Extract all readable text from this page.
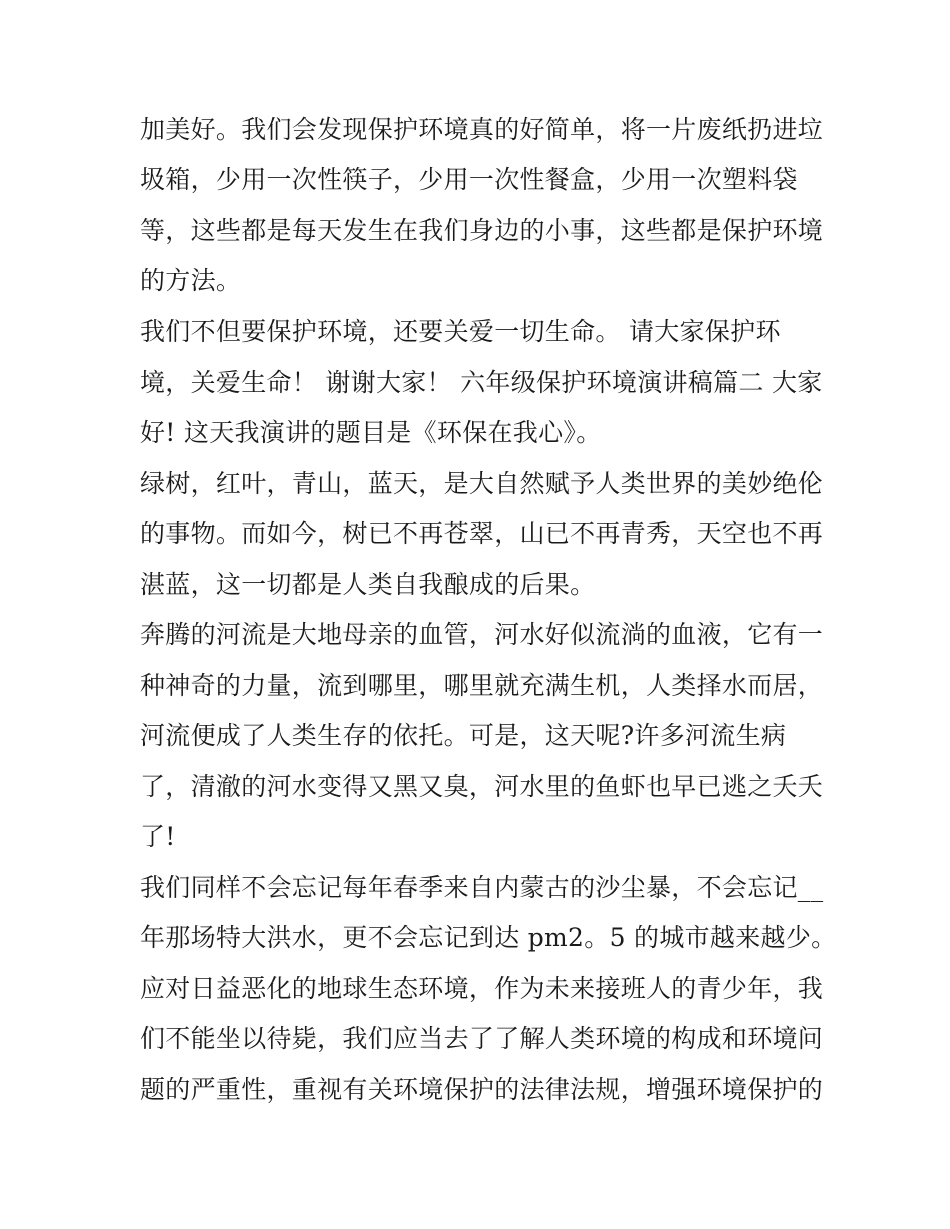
加美好。我们会发现保护环境真的好简单，将一片废纸扔进垃
圾箱，少用一次性筷子，少用一次性餐盒，少用一次塑料袋
等，这些都是每天发生在我们身边的小事，这些都是保护环境
的方法。
我们不但要保护环境，还要关爱一切生命。 请大家保护环
境，关爱生命！ 谢谢大家！ 六年级保护环境演讲稿篇二 大家
好! 这天我演讲的题目是《环保在我心》。
绿树，红叶，青山，蓝天，是大自然赋予人类世界的美妙绝伦
的事物。而如今，树已不再苍翠，山已不再青秀，天空也不再
湛蓝，这一切都是人类自我酿成的后果。
奔腾的河流是大地母亲的血管，河水好似流淌的血液，它有一
种神奇的力量，流到哪里，哪里就充满生机，人类择水而居，
河流便成了人类生存的依托。可是，这天呢?许多河流生病
了，清澈的河水变得又黑又臭，河水里的鱼虾也早已逃之夭夭
了!
我们同样不会忘记每年春季来自内蒙古的沙尘暴，不会忘记__
年那场特大洪水，更不会忘记到达 pm2。5 的城市越来越少。
应对日益恶化的地球生态环境，作为未来接班人的青少年，我
们不能坐以待毙，我们应当去了了解人类环境的构成和环境问
题的严重性，重视有关环境保护的法律法规，增强环境保护的
